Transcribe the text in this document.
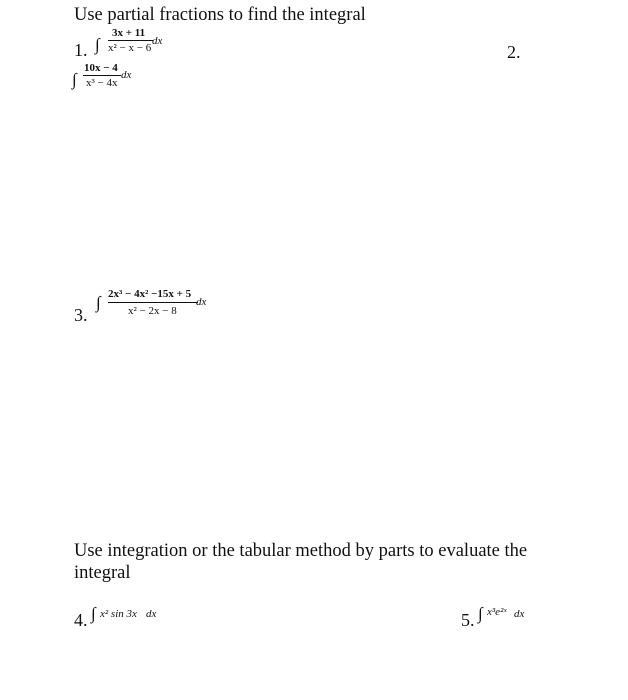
Use partial fractions to find the integral
1. ∫
3x + 11
x² − x − 6
dx
2.
∫
10x − 4
x³ − 4x
dx
3.
∫ 2x³ − 4x² −15x + 5
x² − 2x − 8
dx
Use integration or the tabular method by parts to evaluate the integral
4. ∫ x² sin 3x dx	5. ∫ x³e²ˣ dx
